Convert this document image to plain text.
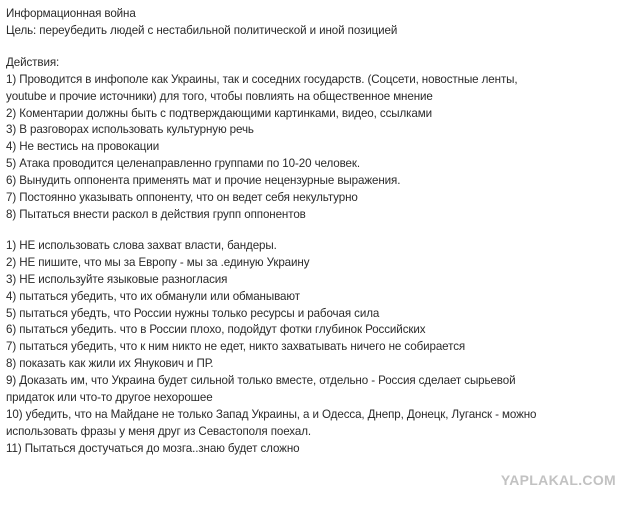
Информационная война
Цель: переубедить людей с нестабильной политической и иной позицией
Действия:
1) Проводится в инфополе как Украины, так и соседних государств. (Соцсети, новостные ленты,
youtube и прочие источники) для того, чтобы повлиять на общественное мнение
2) Коментарии должны быть с подтверждающими картинками, видео, ссылками
3) В разговорах использовать культурную речь
4) Не вестись на провокации
5) Атака проводится целенаправленно группами по 10-20 человек.
6) Вынудить оппонента применять мат и прочие нецензурные выражения.
7) Постоянно указывать оппоненту, что он ведет себя некультурно
8) Пытаться внести раскол в действия групп оппонентов
1) НЕ использовать слова захват власти, бандеры.
2) НЕ пишите, что мы за Европу - мы за .единую Украину
3) НЕ используйте языковые разногласия
4) пытаться убедить, что их обманули или обманывают
5) пытаться убедть, что России нужны только ресурсы и рабочая сила
6) пытаться убедить. что в России плохо, подойдут фотки глубинок Российских
7) пытаться убедить, что к ним никто не едет, никто захватывать ничего не собирается
8) показать как жили их Янукович и ПР.
9) Доказать им, что Украина будет сильной только вместе, отдельно - Россия сделает сырьевой
придаток или что-то другое нехорошее
10) убедить, что на Майдане не только Запад Украины, а и Одесса, Днепр, Донецк, Луганск - можно
использовать фразы у меня друг из Севастополя поехал.
11) Пытаться достучаться до мозга..знаю будет сложно
YAPLAKAL.COM
